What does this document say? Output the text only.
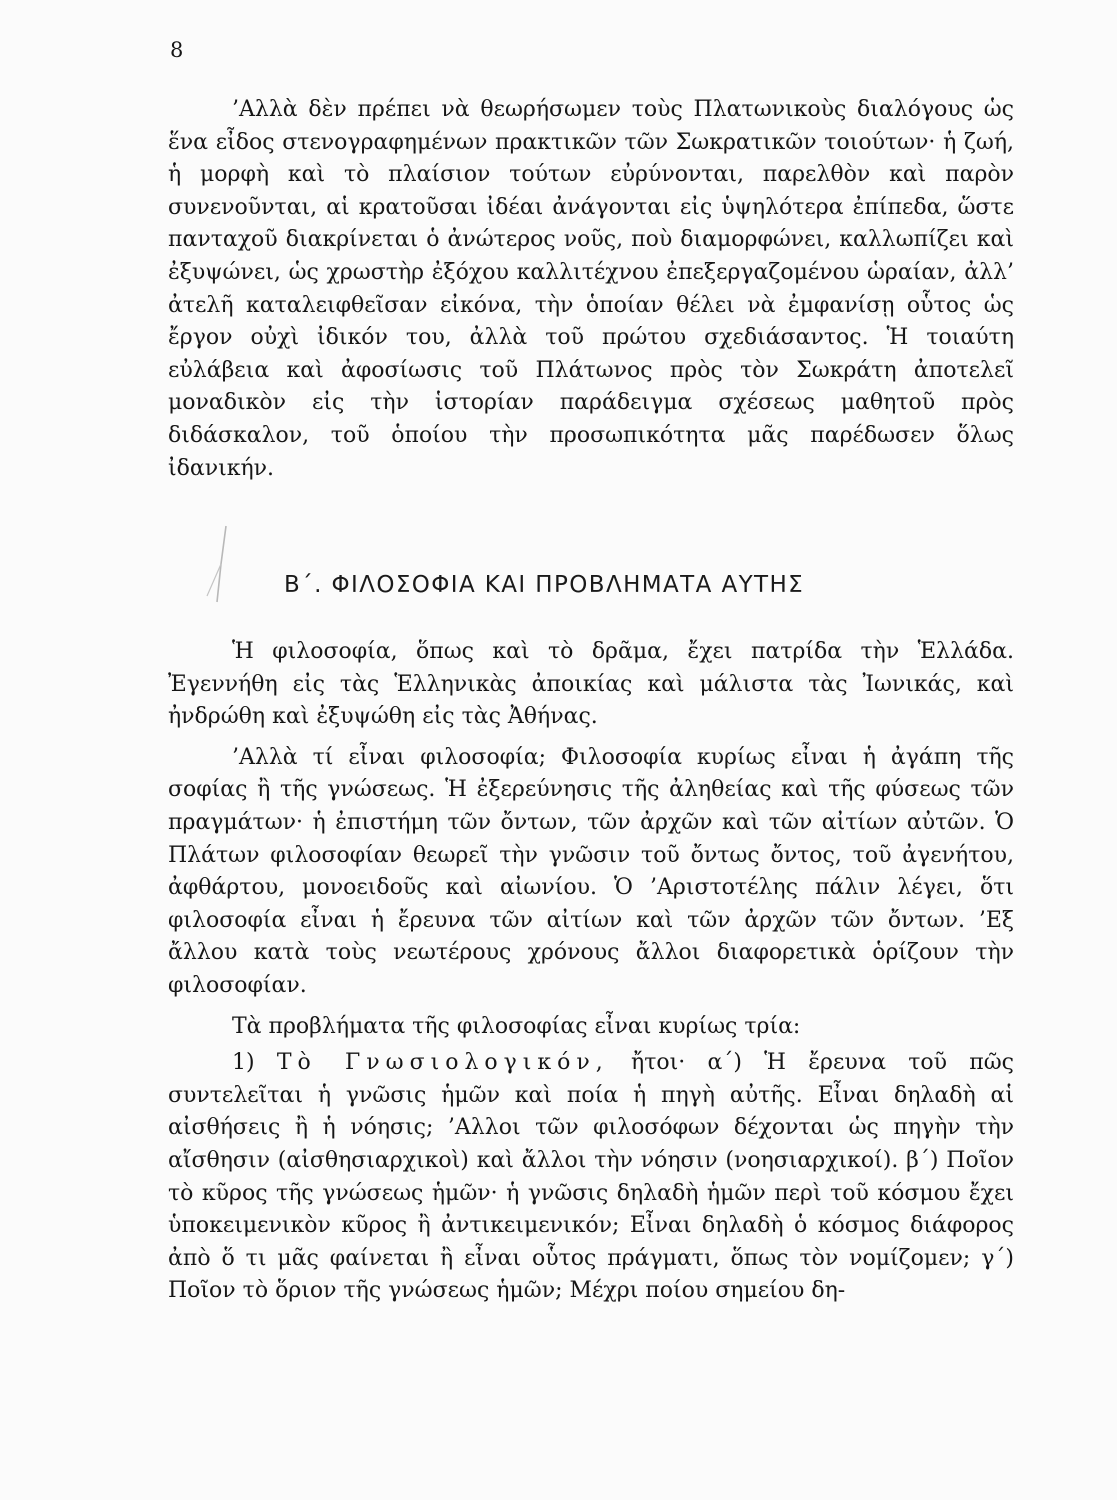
8

’Αλλὰ δὲν πρέπει νὰ θεωρήσωμεν τοὺς Πλατωνικοὺς διαλόγους ὡς ἕνα εἶδος στενογραφημένων πρακτικῶν τῶν Σωκρατικῶν τοιούτων· ἡ ζωή, ἡ μορφὴ καὶ τὸ πλαίσιον τούτων εὐρύνονται, παρελθὸν καὶ παρὸν συνενοῦνται, αἱ κρατοῦσαι ἰδέαι ἀνάγονται εἰς ὑψηλότερα ἐπίπεδα, ὥστε πανταχοῦ διακρίνεται ὁ ἀνώτερος νοῦς, ποὺ διαμορφώνει, καλλωπίζει καὶ ἐξυψώνει, ὡς χρωστὴρ ἐξόχου καλλιτέχνου ἐπεξεργαζομένου ὡραίαν, ἀλλ’ ἀτελῆ καταλειφθεῖσαν εἰκόνα, τὴν ὁποίαν θέλει νὰ ἐμφανίσῃ οὗτος ὡς ἔργον οὐχὶ ἰδικόν του, ἀλλὰ τοῦ πρώτου σχεδιάσαντος. Ἡ τοιαύτη εὐλάβεια καὶ ἀφοσίωσις τοῦ Πλάτωνος πρὸς τὸν Σωκράτη ἀποτελεῖ μοναδικὸν εἰς τὴν ἱστορίαν παράδειγμα σχέσεως μαθητοῦ πρὸς διδάσκαλον, τοῦ ὁποίου τὴν προσωπικότητα μᾶς παρέδωσεν ὅλως ἰδανικήν.

Β΄. ΦΙΛΟΣΟΦΙΑ ΚΑΙ ΠΡΟΒΛΗΜΑΤΑ ΑΥΤΗΣ

Ἡ φιλοσοφία, ὅπως καὶ τὸ δρᾶμα, ἔχει πατρίδα τὴν Ἑλλάδα. Ἐγεννήθη εἰς τὰς Ἑλληνικὰς ἀποικίας καὶ μάλιστα τὰς Ἰωνικάς, καὶ ἠνδρώθη καὶ ἐξυψώθη εἰς τὰς Ἀθήνας.

’Αλλὰ τί εἶναι φιλοσοφία; Φιλοσοφία κυρίως εἶναι ἡ ἀγάπη τῆς σοφίας ἢ τῆς γνώσεως. Ἡ ἐξερεύνησις τῆς ἀληθείας καὶ τῆς φύσεως τῶν πραγμάτων· ἡ ἐπιστήμη τῶν ὄντων, τῶν ἀρχῶν καὶ τῶν αἰτίων αὐτῶν. Ὁ Πλάτων φιλοσοφίαν θεωρεῖ τὴν γνῶσιν τοῦ ὄντως ὄντος, τοῦ ἀγενήτου, ἀφθάρτου, μονοειδοῦς καὶ αἰωνίου. Ὁ ’Αριστοτέλης πάλιν λέγει, ὅτι φιλοσοφία εἶναι ἡ ἔρευνα τῶν αἰτίων καὶ τῶν ἀρχῶν τῶν ὄντων. ’Εξ ἄλλου κατὰ τοὺς νεωτέρους χρόνους ἄλλοι διαφορετικὰ ὁρίζουν τὴν φιλοσοφίαν.

Τὰ προβλήματα τῆς φιλοσοφίας εἶναι κυρίως τρία:

1) Τὸ Γνωσιολογικόν, ἤτοι· α΄) Ἡ ἔρευνα τοῦ πῶς συντελεῖται ἡ γνῶσις ἡμῶν καὶ ποία ἡ πηγὴ αὐτῆς. Εἶναι δηλαδὴ αἱ αἰσθήσεις ἢ ἡ νόησις; ’Αλλοι τῶν φιλοσόφων δέχονται ὡς πηγὴν τὴν αἴσθησιν (αἰσθησιαρχικοὶ) καὶ ἄλλοι τὴν νόησιν (νοησιαρχικοί). β΄) Ποῖον τὸ κῦρος τῆς γνώσεως ἡμῶν· ἡ γνῶσις δηλαδὴ ἡμῶν περὶ τοῦ κόσμου ἔχει ὑποκειμενικὸν κῦρος ἢ ἀντικειμενικόν; Εἶναι δηλαδὴ ὁ κόσμος διάφορος ἀπὸ ὅ τι μᾶς φαίνεται ἢ εἶναι οὗτος πράγματι, ὅπως τὸν νομίζομεν; γ΄) Ποῖον τὸ ὅριον τῆς γνώσεως ἡμῶν; Μέχρι ποίου σημείου δη-
